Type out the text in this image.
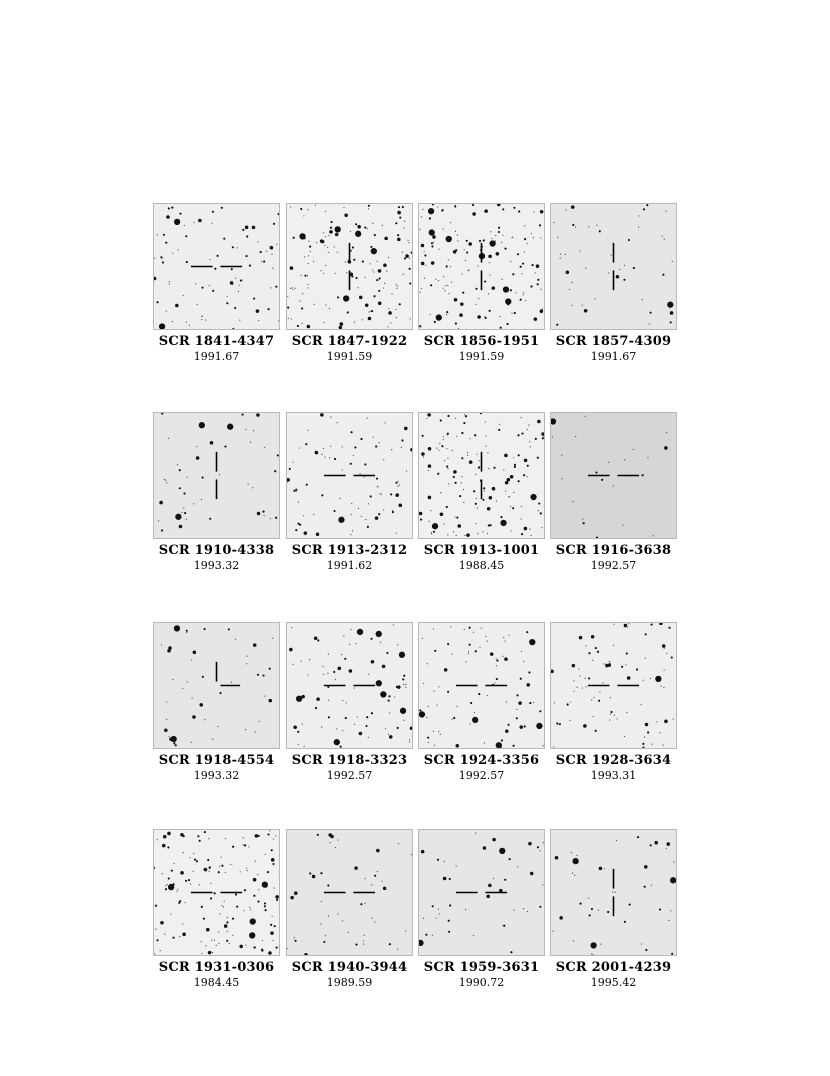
SCR 1841-4347
1991.67
SCR 1847-1922
1991.59
SCR 1856-1951
1991.59
SCR 1857-4309
1991.67
SCR 1910-4338
1993.32
SCR 1913-2312
1991.62
SCR 1913-1001
1988.45
SCR 1916-3638
1992.57
SCR 1918-4554
1993.32
SCR 1918-3323
1992.57
SCR 1924-3356
1992.57
SCR 1928-3634
1993.31
SCR 1931-0306
1984.45
SCR 1940-3944
1989.59
SCR 1959-3631
1990.72
SCR 2001-4239
1995.42
